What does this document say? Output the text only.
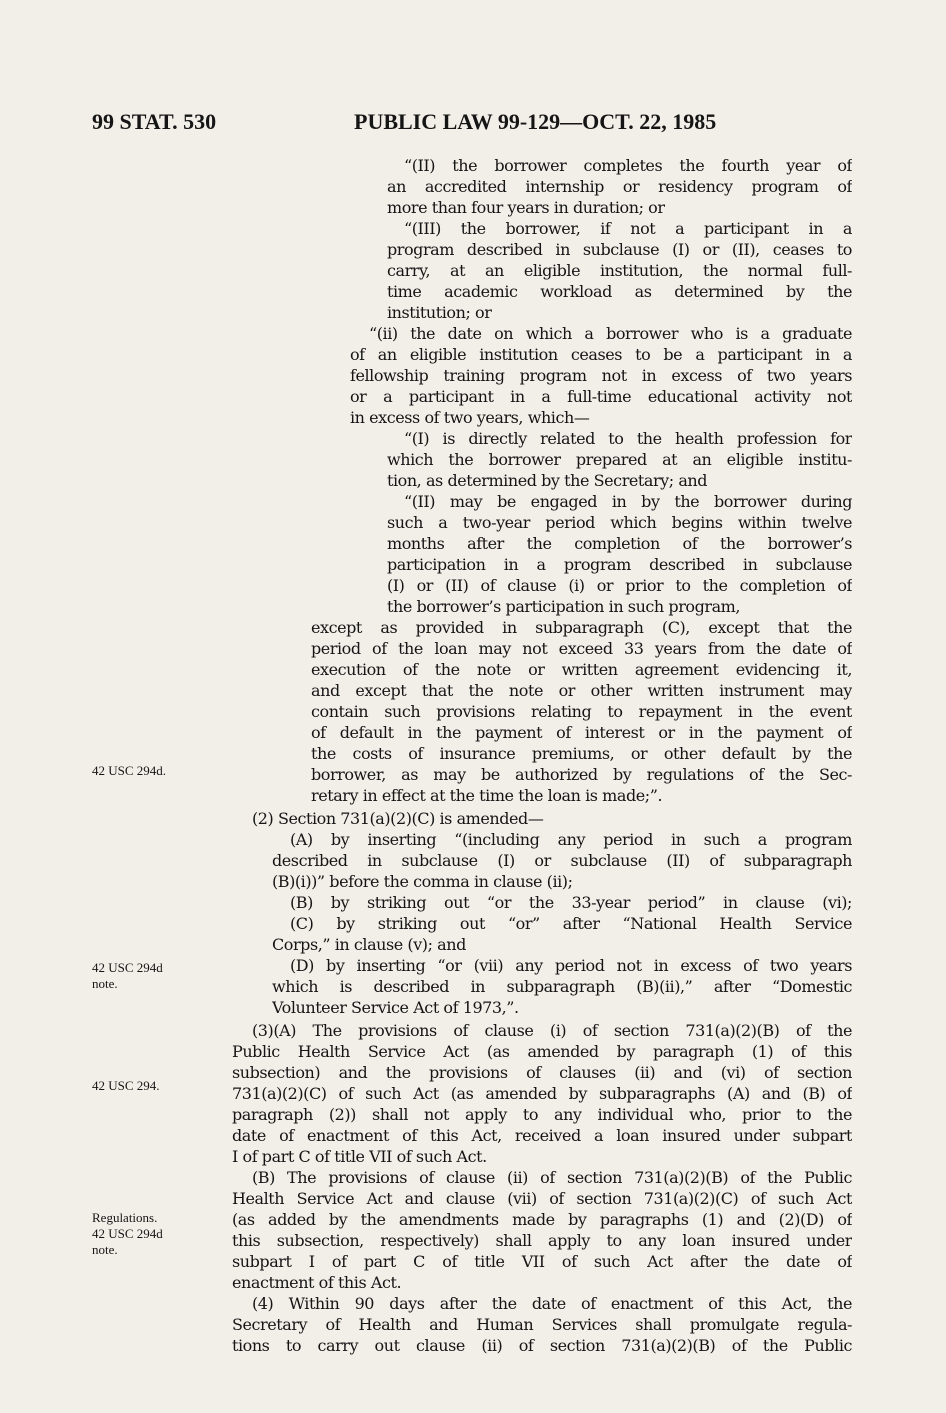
99 STAT. 530	PUBLIC LAW 99-129—OCT. 22, 1985
42 USC 294d.
42 USC 294d
note.
42 USC 294.
Regulations.
42 USC 294d
note.
“(II) the borrower completes the fourth year of
an accredited internship or residency program of
more than four years in duration; or
“(III) the borrower, if not a participant in a
program described in subclause (I) or (II), ceases to
carry, at an eligible institution, the normal full-
time academic workload as determined by the
institution; or
“(ii) the date on which a borrower who is a graduate
of an eligible institution ceases to be a participant in a
fellowship training program not in excess of two years
or a participant in a full-time educational activity not
in excess of two years, which—
“(I) is directly related to the health profession for
which the borrower prepared at an eligible institu-
tion, as determined by the Secretary; and
“(II) may be engaged in by the borrower during
such a two-year period which begins within twelve
months after the completion of the borrower’s
participation in a program described in subclause
(I) or (II) of clause (i) or prior to the completion of
the borrower’s participation in such program,
except as provided in subparagraph (C), except that the
period of the loan may not exceed 33 years from the date of
execution of the note or written agreement evidencing it,
and except that the note or other written instrument may
contain such provisions relating to repayment in the event
of default in the payment of interest or in the payment of
the costs of insurance premiums, or other default by the
borrower, as may be authorized by regulations of the Sec-
retary in effect at the time the loan is made;”.
(2) Section 731(a)(2)(C) is amended—
(A) by inserting “(including any period in such a program
described in subclause (I) or subclause (II) of subparagraph
(B)(i))” before the comma in clause (ii);
(B) by striking out “or the 33-year period” in clause (vi);
(C) by striking out “or” after “National Health Service
Corps,” in clause (v); and
(D) by inserting “or (vii) any period not in excess of two years
which is described in subparagraph (B)(ii),” after “Domestic
Volunteer Service Act of 1973,”.
(3)(A) The provisions of clause (i) of section 731(a)(2)(B) of the
Public Health Service Act (as amended by paragraph (1) of this
subsection) and the provisions of clauses (ii) and (vi) of section
731(a)(2)(C) of such Act (as amended by subparagraphs (A) and (B) of
paragraph (2)) shall not apply to any individual who, prior to the
date of enactment of this Act, received a loan insured under subpart
I of part C of title VII of such Act.
(B) The provisions of clause (ii) of section 731(a)(2)(B) of the Public
Health Service Act and clause (vii) of section 731(a)(2)(C) of such Act
(as added by the amendments made by paragraphs (1) and (2)(D) of
this subsection, respectively) shall apply to any loan insured under
subpart I of part C of title VII of such Act after the date of
enactment of this Act.
(4) Within 90 days after the date of enactment of this Act, the
Secretary of Health and Human Services shall promulgate regula-
tions to carry out clause (ii) of section 731(a)(2)(B) of the Public
